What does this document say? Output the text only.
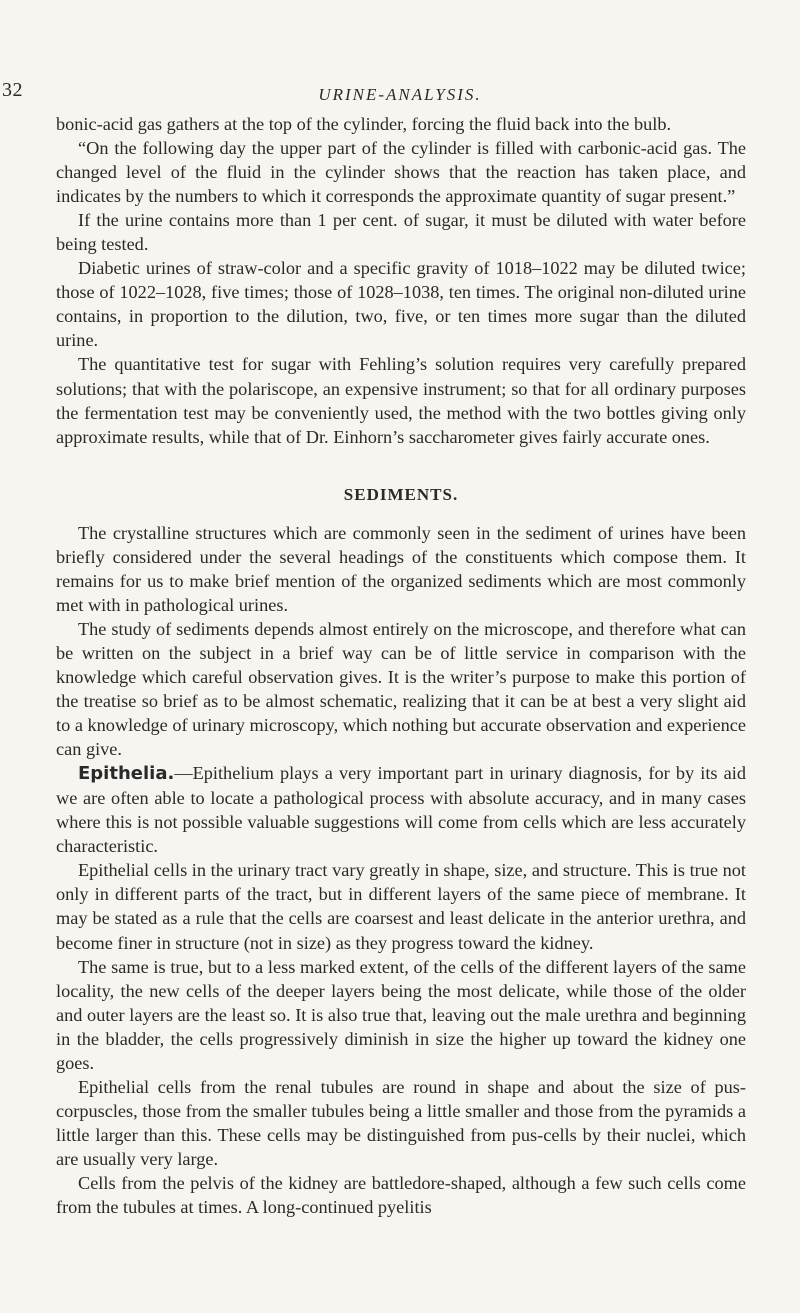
32	URINE-ANALYSIS.

bonic-acid gas gathers at the top of the cylinder, forcing the fluid back into the bulb.

“On the following day the upper part of the cylinder is filled with carbonic-acid gas. The changed level of the fluid in the cylinder shows that the reaction has taken place, and indicates by the numbers to which it corresponds the approximate quantity of sugar present.”

If the urine contains more than 1 per cent. of sugar, it must be diluted with water before being tested.

Diabetic urines of straw-color and a specific gravity of 1018–1022 may be diluted twice; those of 1022–1028, five times; those of 1028–1038, ten times. The original non-diluted urine contains, in proportion to the dilution, two, five, or ten times more sugar than the diluted urine.

The quantitative test for sugar with Fehling’s solution requires very carefully prepared solutions; that with the polariscope, an expensive instrument; so that for all ordinary purposes the fermentation test may be conveniently used, the method with the two bottles giving only approximate results, while that of Dr. Einhorn’s saccharometer gives fairly accurate ones.

SEDIMENTS.

The crystalline structures which are commonly seen in the sediment of urines have been briefly considered under the several headings of the constituents which compose them. It remains for us to make brief mention of the organized sediments which are most commonly met with in pathological urines.

The study of sediments depends almost entirely on the microscope, and therefore what can be written on the subject in a brief way can be of little service in comparison with the knowledge which careful observation gives. It is the writer’s purpose to make this portion of the treatise so brief as to be almost schematic, realizing that it can be at best a very slight aid to a knowledge of urinary microscopy, which nothing but accurate observation and experience can give.

Epithelia.—Epithelium plays a very important part in urinary diagnosis, for by its aid we are often able to locate a pathological process with absolute accuracy, and in many cases where this is not possible valuable suggestions will come from cells which are less accurately characteristic.

Epithelial cells in the urinary tract vary greatly in shape, size, and structure. This is true not only in different parts of the tract, but in different layers of the same piece of membrane. It may be stated as a rule that the cells are coarsest and least delicate in the anterior urethra, and become finer in structure (not in size) as they progress toward the kidney.

The same is true, but to a less marked extent, of the cells of the different layers of the same locality, the new cells of the deeper layers being the most delicate, while those of the older and outer layers are the least so. It is also true that, leaving out the male urethra and beginning in the bladder, the cells progressively diminish in size the higher up toward the kidney one goes.

Epithelial cells from the renal tubules are round in shape and about the size of pus-corpuscles, those from the smaller tubules being a little smaller and those from the pyramids a little larger than this. These cells may be distinguished from pus-cells by their nuclei, which are usually very large.

Cells from the pelvis of the kidney are battledore-shaped, although a few such cells come from the tubules at times. A long-continued pyelitis
